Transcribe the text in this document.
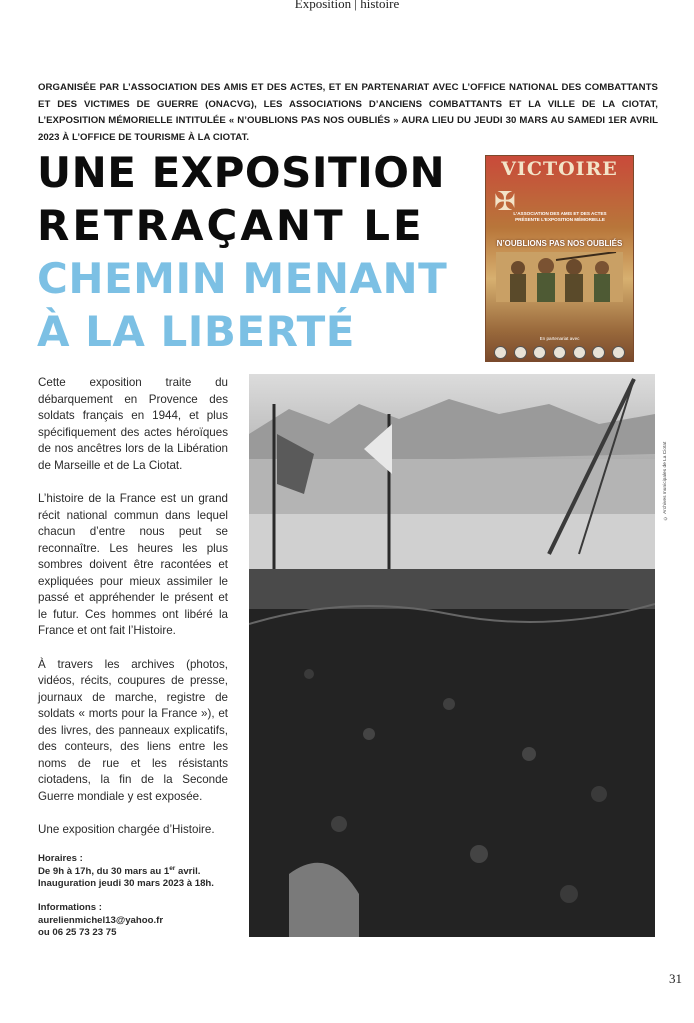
Exposition | histoire
ORGANISÉE PAR L’ASSOCIATION DES AMIS ET DES ACTES, ET EN PARTENARIAT AVEC L’OFFICE NATIONAL DES COMBATTANTS ET DES VICTIMES DE GUERRE (ONACVG), LES ASSOCIATIONS D’ANCIENS COMBATTANTS ET LA VILLE DE LA CIOTAT, L’EXPOSITION MÉMORIELLE INTITULÉE « N’OUBLIONS PAS NOS OUBLIÉS » AURA LIEU DU JEUDI 30 MARS AU SAMEDI 1ER AVRIL 2023 À L’OFFICE DE TOURISME À LA CIOTAT.
UNE EXPOSITION
RETRAÇANT LE
CHEMIN MENANT
À LA LIBERTÉ
VICTOIRE
✠
L’ASSOCIATION DES AMIS ET DES ACTES PRÉSENTE L’EXPOSITION MÉMORIELLE
N’OUBLIONS PAS NOS OUBLIÉS
En partenariat avec

Cette exposition traite du débarquement en Provence des soldats français en 1944, et plus spécifiquement des actes héroïques de nos ancêtres lors de la Libération de Marseille et de La Ciotat.

L’histoire de la France est un grand récit national commun dans lequel chacun d’entre nous peut se reconnaître. Les heures les plus sombres doivent être racontées et expliquées pour mieux assimiler le passé et appréhender le présent et le futur. Ces hommes ont libéré la France et ont fait l’Histoire.

À travers les archives (photos, vidéos, récits, coupures de presse, journaux de marche, registre de soldats « morts pour la France »), et des livres, des panneaux explicatifs, des conteurs, des liens entre les noms de rue et les résistants ciotadens, la fin de la Seconde Guerre mondiale y est exposée.

Une exposition chargée d’Histoire.

Horaires :
De 9h à 17h, du 30 mars au 1er avril.
Inauguration jeudi 30 mars 2023 à 18h.
Informations :
aurelienmichel13@yahoo.fr
ou 06 25 73 23 75
© Archives municipales de La Ciotat
31
